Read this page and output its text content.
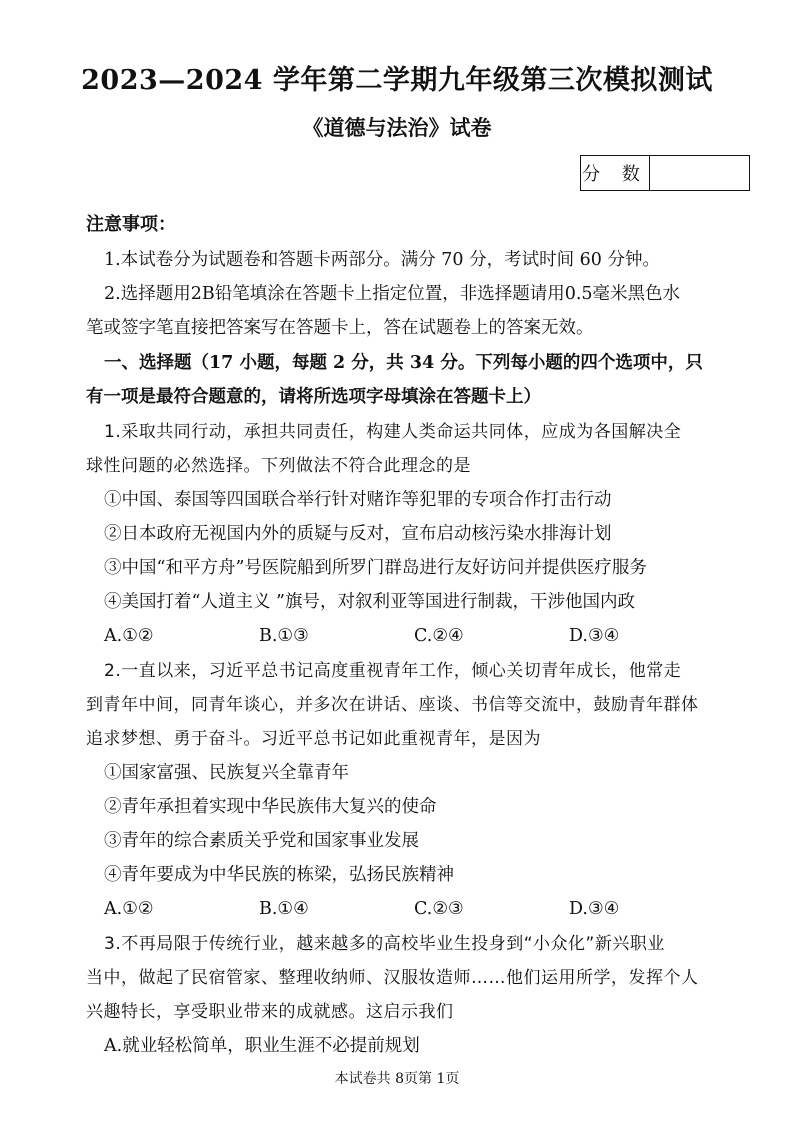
2023—2024 学年第二学期九年级第三次模拟测试
《道德与法治》试卷
分 数
注意事项：
1.本试卷分为试题卷和答题卡两部分。满分 70 分，考试时间 60 分钟。
2.选择题用2B铅笔填涂在答题卡上指定位置，非选择题请用0.5毫米黑色水
笔或签字笔直接把答案写在答题卡上，答在试题卷上的答案无效。
一、选择题（17 小题，每题 2 分，共 34 分。下列每小题的四个选项中，只
有一项是最符合题意的，请将所选项字母填涂在答题卡上）
1.采取共同行动，承担共同责任，构建人类命运共同体，应成为各国解决全
球性问题的必然选择。下列做法不符合此理念的是
①中国、泰国等四国联合举行针对赌诈等犯罪的专项合作打击行动
②日本政府无视国内外的质疑与反对，宣布启动核污染水排海计划
③中国“和平方舟”号医院船到所罗门群岛进行友好访问并提供医疗服务
④美国打着“人道主义 ”旗号，对叙利亚等国进行制裁，干涉他国内政
A.①②	B.①③	C.②④	D.③④
2.一直以来，习近平总书记高度重视青年工作，倾心关切青年成长，他常走
到青年中间，同青年谈心，并多次在讲话、座谈、书信等交流中，鼓励青年群体
追求梦想、勇于奋斗。习近平总书记如此重视青年，是因为
①国家富强、民族复兴全靠青年
②青年承担着实现中华民族伟大复兴的使命
③青年的综合素质关乎党和国家事业发展
④青年要成为中华民族的栋梁，弘扬民族精神
A.①②	B.①④	C.②③	D.③④
3.不再局限于传统行业，越来越多的高校毕业生投身到“小众化”新兴职业
当中，做起了民宿管家、整理收纳师、汉服妆造师……他们运用所学，发挥个人
兴趣特长，享受职业带来的成就感。这启示我们
A.就业轻松简单，职业生涯不必提前规划
本试卷共 8页第 1页
